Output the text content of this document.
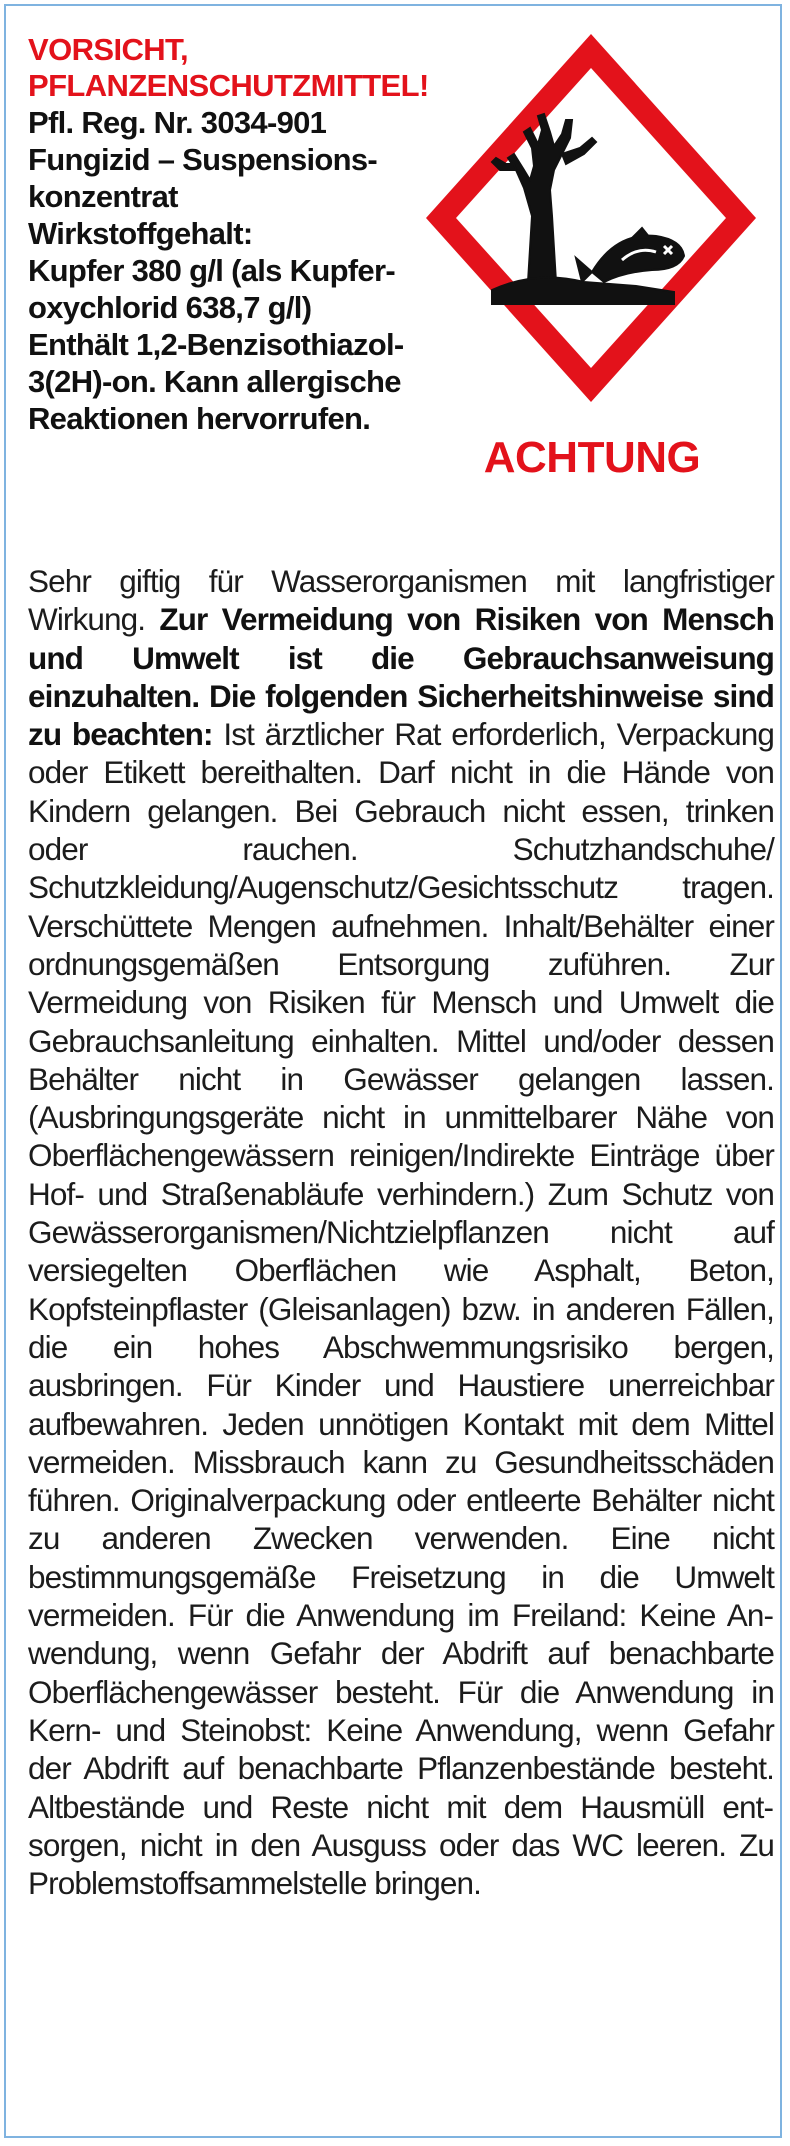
VORSICHT,
PFLANZENSCHUTZMITTEL!

Pfl. Reg. Nr. 3034-901

Fungizid – Suspensionskonzentrat

Wirkstoffgehalt:

Kupfer 380 g/l (als Kupferoxychlorid 638,7 g/l)

Enthält 1,2-Benzisothiazol-3(2H)-on. Kann allergische Reaktionen hervorrufen.

ACHTUNG

Sehr giftig für Wasserorganismen mit langfristiger Wirkung. Zur Vermeidung von Risiken von Mensch und Umwelt ist die Gebrauchsanweisung einzuhalten. Die folgenden Sicherheitshinweise sind zu beachten: Ist ärztlicher Rat erforderlich, Verpackung oder Etikett bereithalten. Darf nicht in die Hände von Kindern gelangen. Bei Gebrauch nicht essen, trinken oder rauchen. Schutzhandschuhe/ Schutzkleidung/Augenschutz/Gesichtsschutz tragen. Verschüttete Mengen aufnehmen. Inhalt/Behälter einer ordnungsgemäßen Entsorgung zuführen. Zur Vermeidung von Risiken für Mensch und Umwelt die Gebrauchsanleitung einhalten. Mittel und/oder dessen Behälter nicht in Gewässer gelangen lassen. (Ausbringungsgeräte nicht in unmittelbarer Nähe von Oberflächengewässern reinigen/Indirekte Einträge über Hof- und Straßenabläufe verhindern.) Zum Schutz von Gewässerorganismen/Nichtzielpflanzen nicht auf versiegelten Oberflächen wie Asphalt, Beton, Kopfsteinpflaster (Gleisanlagen) bzw. in anderen Fällen, die ein hohes Abschwemmungsrisiko bergen, ausbringen. Für Kinder und Haustiere unerreichbar aufbewahren. Jeden unnötigen Kontakt mit dem Mittel vermeiden. Missbrauch kann zu Gesundheitsschäden führen. Originalverpackung oder entleerte Behälter nicht zu anderen Zwecken verwenden. Eine nicht bestimmungsgemäße Freisetzung in die Umwelt vermeiden. Für die Anwendung im Freiland: Keine Anwendung, wenn Gefahr der Abdrift auf benachbarte Oberflächengewässer besteht. Für die Anwendung in Kern- und Steinobst: Keine Anwendung, wenn Gefahr der Abdrift auf benachbarte Pflanzenbestände besteht. Altbestände und Reste nicht mit dem Hausmüll entsorgen, nicht in den Ausguss oder das WC leeren. Zu Problemstoffsammelstelle bringen.
